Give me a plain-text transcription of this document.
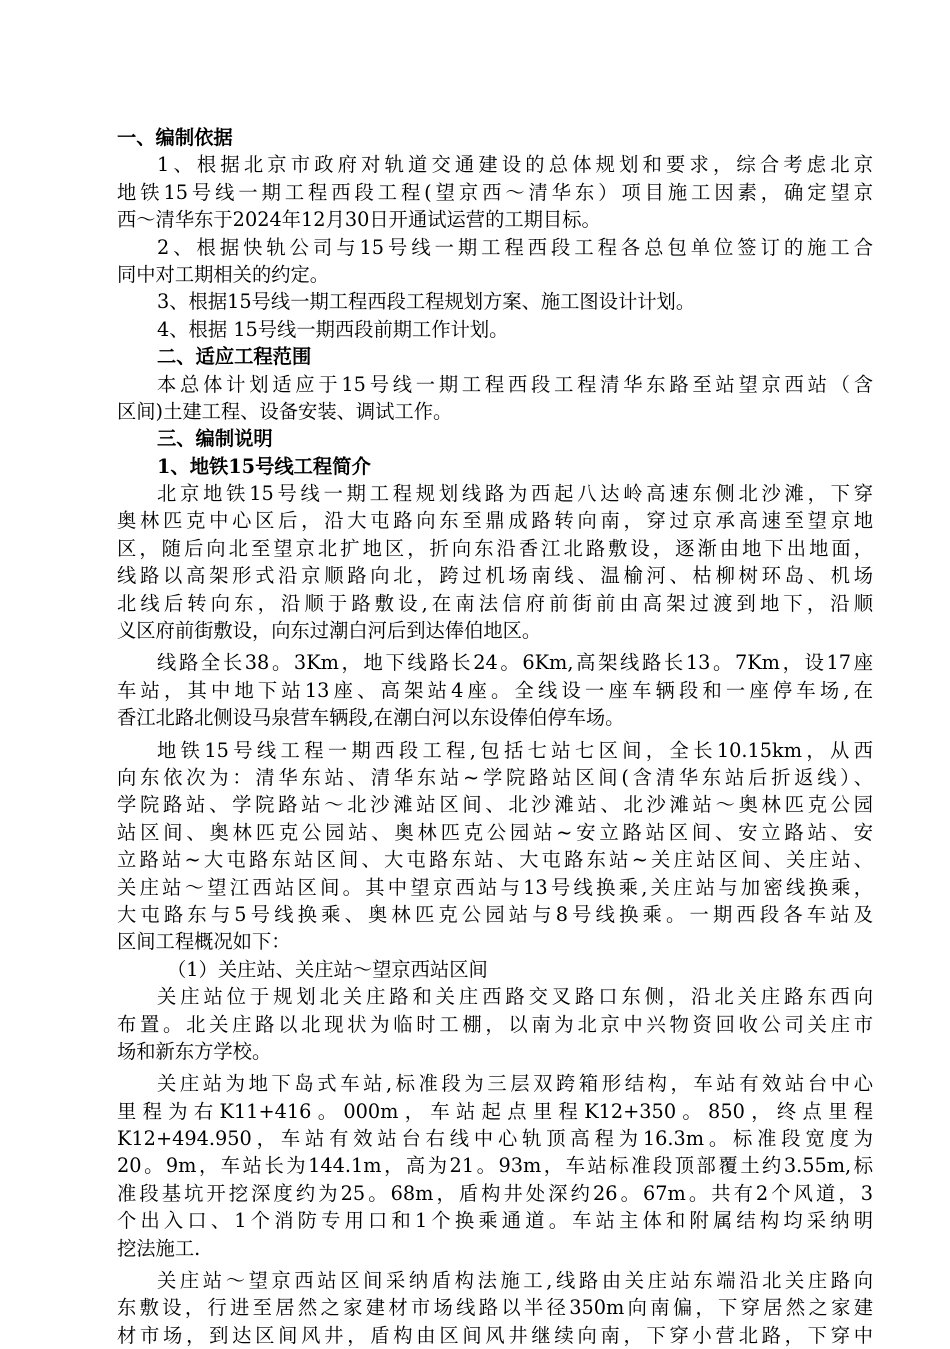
一、编制依据
1、根据北京市政府对轨道交通建设的总体规划和要求，综合考虑北京
地铁15号线一期工程西段工程(望京西～清华东）项目施工因素，确定望京
西～清华东于2024年12月30日开通试运营的工期目标。
2、根据快轨公司与15号线一期工程西段工程各总包单位签订的施工合
同中对工期相关的约定。
3、根据15号线一期工程西段工程规划方案、施工图设计计划。
4、根据 15号线一期西段前期工作计划。
二、适应工程范围
本总体计划适应于15号线一期工程西段工程清华东路至站望京西站（含
区间)土建工程、设备安装、调试工作。
三、编制说明
1、地铁15号线工程简介
北京地铁15号线一期工程规划线路为西起八达岭高速东侧北沙滩，下穿
奥林匹克中心区后，沿大屯路向东至鼎成路转向南，穿过京承高速至望京地
区，随后向北至望京北扩地区，折向东沿香江北路敷设，逐渐由地下出地面，
线路以高架形式沿京顺路向北，跨过机场南线、温榆河、枯柳树环岛、机场
北线后转向东，沿顺于路敷设,在南法信府前街前由高架过渡到地下，沿顺
义区府前街敷设，向东过潮白河后到达俸伯地区。
线路全长38。3Km，地下线路长24。6Km,高架线路长13。7Km，设17座
车站，其中地下站13座、高架站4座。全线设一座车辆段和一座停车场,在
香江北路北侧设马泉营车辆段,在潮白河以东设俸伯停车场。
地铁15号线工程一期西段工程,包括七站七区间，全长10.15km，从西
向东依次为：清华东站、清华东站~学院路站区间(含清华东站后折返线）、
学院路站、学院路站～北沙滩站区间、北沙滩站、北沙滩站～奥林匹克公园
站区间、奥林匹克公园站、奥林匹克公园站~安立路站区间、安立路站、安
立路站~大屯路东站区间、大屯路东站、大屯路东站~关庄站区间、关庄站、
关庄站～望江西站区间。其中望京西站与13号线换乘,关庄站与加密线换乘，
大屯路东与5号线换乘、奥林匹克公园站与8号线换乘。一期西段各车站及
区间工程概况如下：
（1）关庄站、关庄站～望京西站区间
关庄站位于规划北关庄路和关庄西路交叉路口东侧，沿北关庄路东西向
布置。北关庄路以北现状为临时工棚，以南为北京中兴物资回收公司关庄市
场和新东方学校。
关庄站为地下岛式车站,标准段为三层双跨箱形结构，车站有效站台中心
里程为右K11+416。000m，车站起点里程K12+350。850，终点里程
K12+494.950，车站有效站台右线中心轨顶高程为16.3m。标准段宽度为
20。9m，车站长为144.1m，高为21。93m，车站标准段顶部覆土约3.55m,标
准段基坑开挖深度约为25。68m，盾构井处深约26。67m。共有2个风道，3
个出入口、1个消防专用口和1个换乘通道。车站主体和附属结构均采纳明
挖法施工.
关庄站～望京西站区间采纳盾构法施工,线路由关庄站东端沿北关庄路向
东敷设，行进至居然之家建材市场线路以半径350m向南偏，下穿居然之家建
材市场，到达区间风井，盾构由区间风井继续向南，下穿小营北路，下穿中
